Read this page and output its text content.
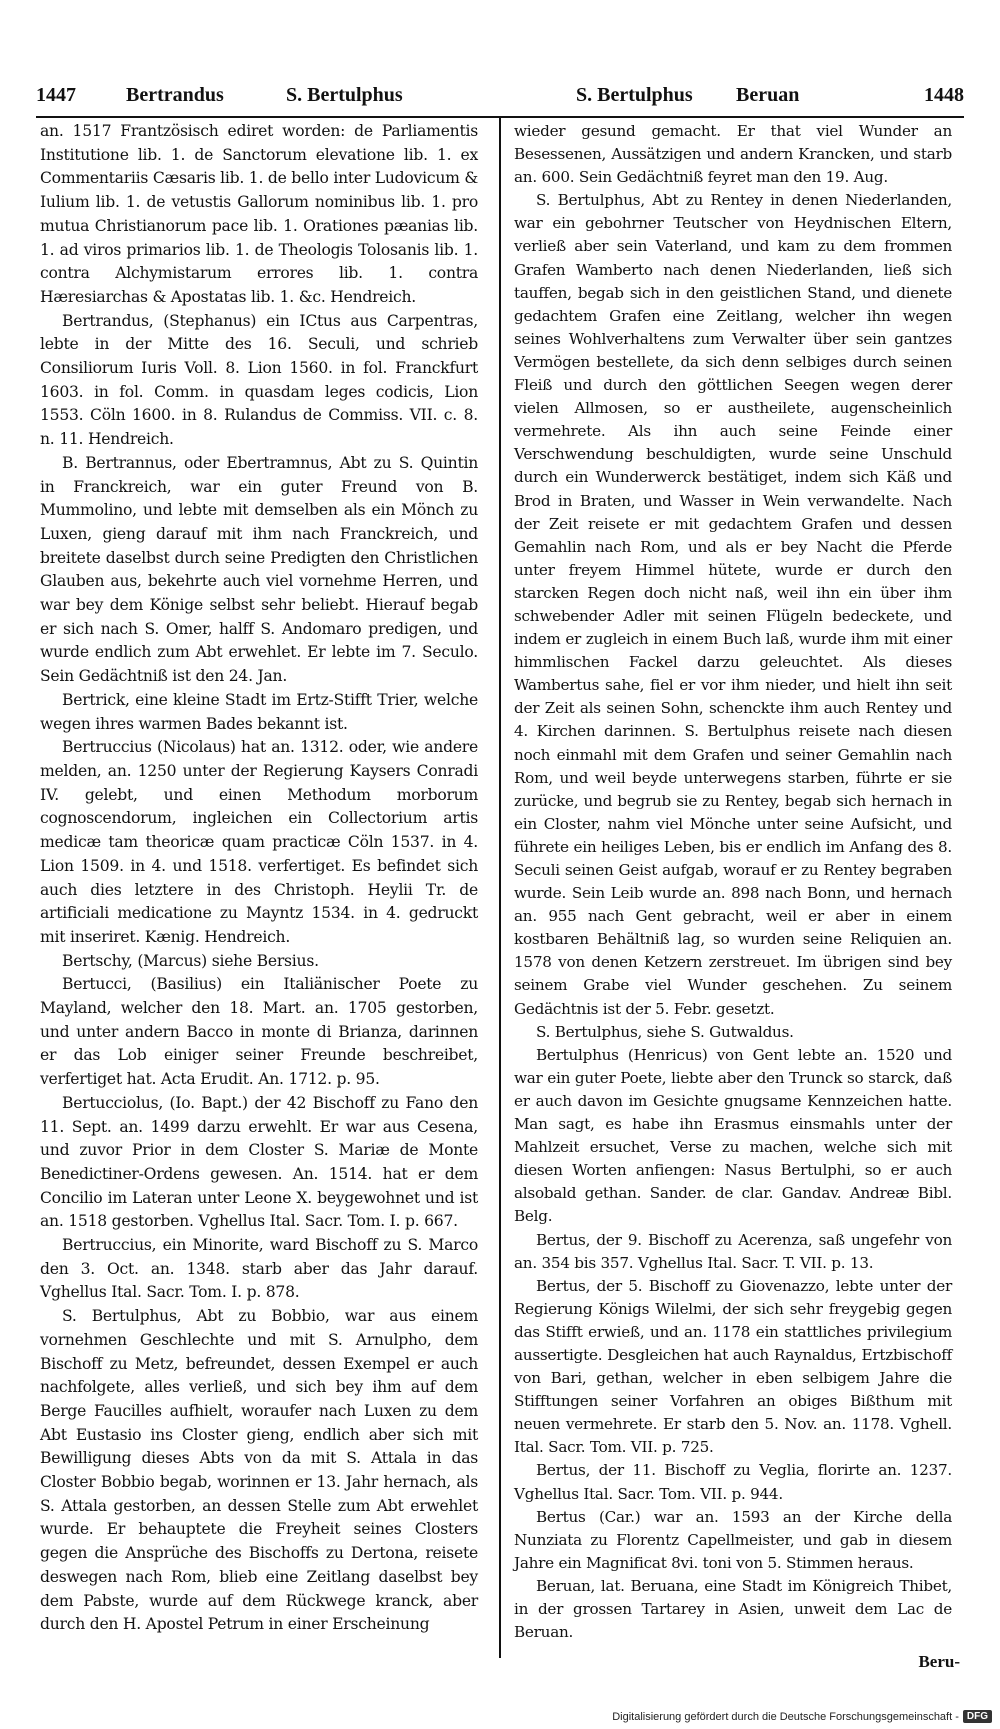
1447	Bertrandus	S. Bertulphus	S. Bertulphus Beruan	1448

an. 1517 Frantzösisch ediret worden: de Parliamentis Institutione lib. 1. de Sanctorum elevatione lib. 1. ex Commentariis Cæsaris lib. 1. de bello inter Ludovicum & Iulium lib. 1. de vetustis Gallorum nominibus lib. 1. pro mutua Christianorum pace lib. 1. Orationes pæanias lib. 1. ad viros primarios lib. 1. de Theologis Tolosanis lib. 1. contra Alchymistarum errores lib. 1. contra Hæresiarchas & Apostatas lib. 1. &c. Hendreich.

Bertrandus, (Stephanus) ein ICtus aus Carpentras, lebte in der Mitte des 16. Seculi, und schrieb Consiliorum Iuris Voll. 8. Lion 1560. in fol. Franckfurt 1603. in fol. Comm. in quasdam leges codicis, Lion 1553. Cöln 1600. in 8. Rulandus de Commiss. VII. c. 8. n. 11. Hendreich.

B. Bertrannus, oder Ebertramnus, Abt zu S. Quintin in Franckreich, war ein guter Freund von B. Mummolino, und lebte mit demselben als ein Mönch zu Luxen, gieng darauf mit ihm nach Franckreich, und breitete daselbst durch seine Predigten den Christlichen Glauben aus, bekehrte auch viel vornehme Herren, und war bey dem Könige selbst sehr beliebt. Hierauf begab er sich nach S. Omer, halff S. Andomaro predigen, und wurde endlich zum Abt erwehlet. Er lebte im 7. Seculo. Sein Gedächtniß ist den 24. Jan.

Bertrick, eine kleine Stadt im Ertz-Stifft Trier, welche wegen ihres warmen Bades bekannt ist.

Bertruccius (Nicolaus) hat an. 1312. oder, wie andere melden, an. 1250 unter der Regierung Kaysers Conradi IV. gelebt, und einen Methodum morborum cognoscendorum, ingleichen ein Collectorium artis medicæ tam theoricæ quam practicæ Cöln 1537. in 4. Lion 1509. in 4. und 1518. verfertiget. Es befindet sich auch dies letztere in des Christoph. Heylii Tr. de artificiali medicatione zu Mayntz 1534. in 4. gedruckt mit inseriret. Kænig. Hendreich.

Bertschy, (Marcus) siehe Bersius.

Bertucci, (Basilius) ein Italiänischer Poete zu Mayland, welcher den 18. Mart. an. 1705 gestorben, und unter andern Bacco in monte di Brianza, darinnen er das Lob einiger seiner Freunde beschreibet, verfertiget hat. Acta Erudit. An. 1712. p. 95.

Bertucciolus, (Io. Bapt.) der 42 Bischoff zu Fano den 11. Sept. an. 1499 darzu erwehlt. Er war aus Cesena, und zuvor Prior in dem Closter S. Mariæ de Monte Benedictiner-Ordens gewesen. An. 1514. hat er dem Concilio im Lateran unter Leone X. beygewohnet und ist an. 1518 gestorben. Vghellus Ital. Sacr. Tom. I. p. 667.

Bertruccius, ein Minorite, ward Bischoff zu S. Marco den 3. Oct. an. 1348. starb aber das Jahr darauf. Vghellus Ital. Sacr. Tom. I. p. 878.

S. Bertulphus, Abt zu Bobbio, war aus einem vornehmen Geschlechte und mit S. Arnulpho, dem Bischoff zu Metz, befreundet, dessen Exempel er auch nachfolgete, alles verließ, und sich bey ihm auf dem Berge Faucilles aufhielt, woraufer nach Luxen zu dem Abt Eustasio ins Closter gieng, endlich aber sich mit Bewilligung dieses Abts von da mit S. Attala in das Closter Bobbio begab, worinnen er 13. Jahr hernach, als S. Attala gestorben, an dessen Stelle zum Abt erwehlet wurde. Er behauptete die Freyheit seines Closters gegen die Ansprüche des Bischoffs zu Dertona, reisete deswegen nach Rom, blieb eine Zeitlang daselbst bey dem Pabste, wurde auf dem Rückwege kranck, aber durch den H. Apostel Petrum in einer Erscheinung

wieder gesund gemacht. Er that viel Wunder an Besessenen, Aussätzigen und andern Krancken, und starb an. 600. Sein Gedächtniß feyret man den 19. Aug.

S. Bertulphus, Abt zu Rentey in denen Niederlanden, war ein gebohrner Teutscher von Heydnischen Eltern, verließ aber sein Vaterland, und kam zu dem frommen Grafen Wamberto nach denen Niederlanden, ließ sich tauffen, begab sich in den geistlichen Stand, und dienete gedachtem Grafen eine Zeitlang, welcher ihn wegen seines Wohlverhaltens zum Verwalter über sein gantzes Vermögen bestellete, da sich denn selbiges durch seinen Fleiß und durch den göttlichen Seegen wegen derer vielen Allmosen, so er austheilete, augenscheinlich vermehrete. Als ihn auch seine Feinde einer Verschwendung beschuldigten, wurde seine Unschuld durch ein Wunderwerck bestätiget, indem sich Käß und Brod in Braten, und Wasser in Wein verwandelte. Nach der Zeit reisete er mit gedachtem Grafen und dessen Gemahlin nach Rom, und als er bey Nacht die Pferde unter freyem Himmel hütete, wurde er durch den starcken Regen doch nicht naß, weil ihn ein über ihm schwebender Adler mit seinen Flügeln bedeckete, und indem er zugleich in einem Buch laß, wurde ihm mit einer himmlischen Fackel darzu geleuchtet. Als dieses Wambertus sahe, fiel er vor ihm nieder, und hielt ihn seit der Zeit als seinen Sohn, schenckte ihm auch Rentey und 4. Kirchen darinnen. S. Bertulphus reisete nach diesen noch einmahl mit dem Grafen und seiner Gemahlin nach Rom, und weil beyde unterwegens starben, führte er sie zurücke, und begrub sie zu Rentey, begab sich hernach in ein Closter, nahm viel Mönche unter seine Aufsicht, und führete ein heiliges Leben, bis er endlich im Anfang des 8. Seculi seinen Geist aufgab, worauf er zu Rentey begraben wurde. Sein Leib wurde an. 898 nach Bonn, und hernach an. 955 nach Gent gebracht, weil er aber in einem kostbaren Behältniß lag, so wurden seine Reliquien an. 1578 von denen Ketzern zerstreuet. Im übrigen sind bey seinem Grabe viel Wunder geschehen. Zu seinem Gedächtnis ist der 5. Febr. gesetzt.

S. Bertulphus, siehe S. Gutwaldus.

Bertulphus (Henricus) von Gent lebte an. 1520 und war ein guter Poete, liebte aber den Trunck so starck, daß er auch davon im Gesichte gnugsame Kennzeichen hatte. Man sagt, es habe ihn Erasmus einsmahls unter der Mahlzeit ersuchet, Verse zu machen, welche sich mit diesen Worten anfiengen: Nasus Bertulphi, so er auch alsobald gethan. Sander. de clar. Gandav. Andreæ Bibl. Belg.

Bertus, der 9. Bischoff zu Acerenza, saß ungefehr von an. 354 bis 357. Vghellus Ital. Sacr. T. VII. p. 13.

Bertus, der 5. Bischoff zu Giovenazzo, lebte unter der Regierung Königs Wilelmi, der sich sehr freygebig gegen das Stifft erwieß, und an. 1178 ein stattliches privilegium aussertigte. Desgleichen hat auch Raynaldus, Ertzbischoff von Bari, gethan, welcher in eben selbigem Jahre die Stifftungen seiner Vorfahren an obiges Bißthum mit neuen vermehrete. Er starb den 5. Nov. an. 1178. Vghell. Ital. Sacr. Tom. VII. p. 725.

Bertus, der 11. Bischoff zu Veglia, florirte an. 1237. Vghellus Ital. Sacr. Tom. VII. p. 944.

Bertus (Car.) war an. 1593 an der Kirche della Nunziata zu Florentz Capellmeister, und gab in diesem Jahre ein Magnificat 8vi. toni von 5. Stimmen heraus.

Beruan, lat. Beruana, eine Stadt im Königreich Thibet, in der grossen Tartarey in Asien, unweit dem Lac de Beruan.

Beru-
Digitalisierung gefördert durch die Deutsche Forschungsgemeinschaft - DFG
